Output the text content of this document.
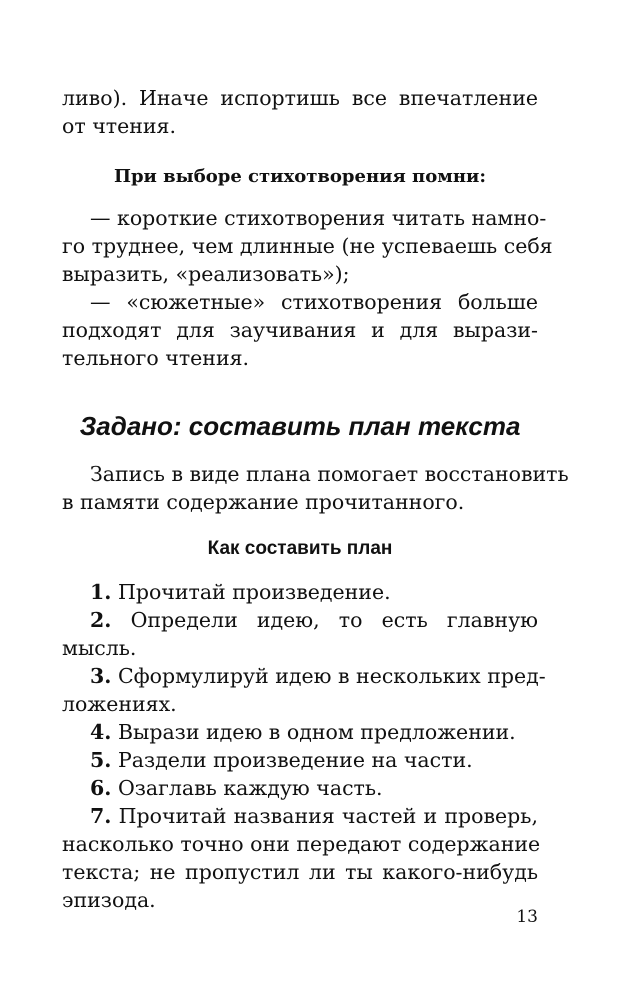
ливо). Иначе испортишь все впечатление
от чтения.
При выборе стихотворения помни:
— короткие стихотворения читать намно-
го труднее, чем длинные (не успеваешь себя
выразить, «реализовать»);
— «сюжетные» стихотворения больше
подходят для заучивания и для вырази-
тельного чтения.
Задано: составить план текста
Запись в виде плана помогает восстановить
в памяти содержание прочитанного.
Как составить план
1. Прочитай произведение.
2. Определи идею, то есть главную
мысль.
3. Сформулируй идею в нескольких пред-
ложениях.
4. Вырази идею в одном предложении.
5. Раздели произведение на части.
6. Озаглавь каждую часть.
7. Прочитай названия частей и проверь,
насколько точно они передают содержание
текста; не пропустил ли ты какого-нибудь
эпизода.
13
